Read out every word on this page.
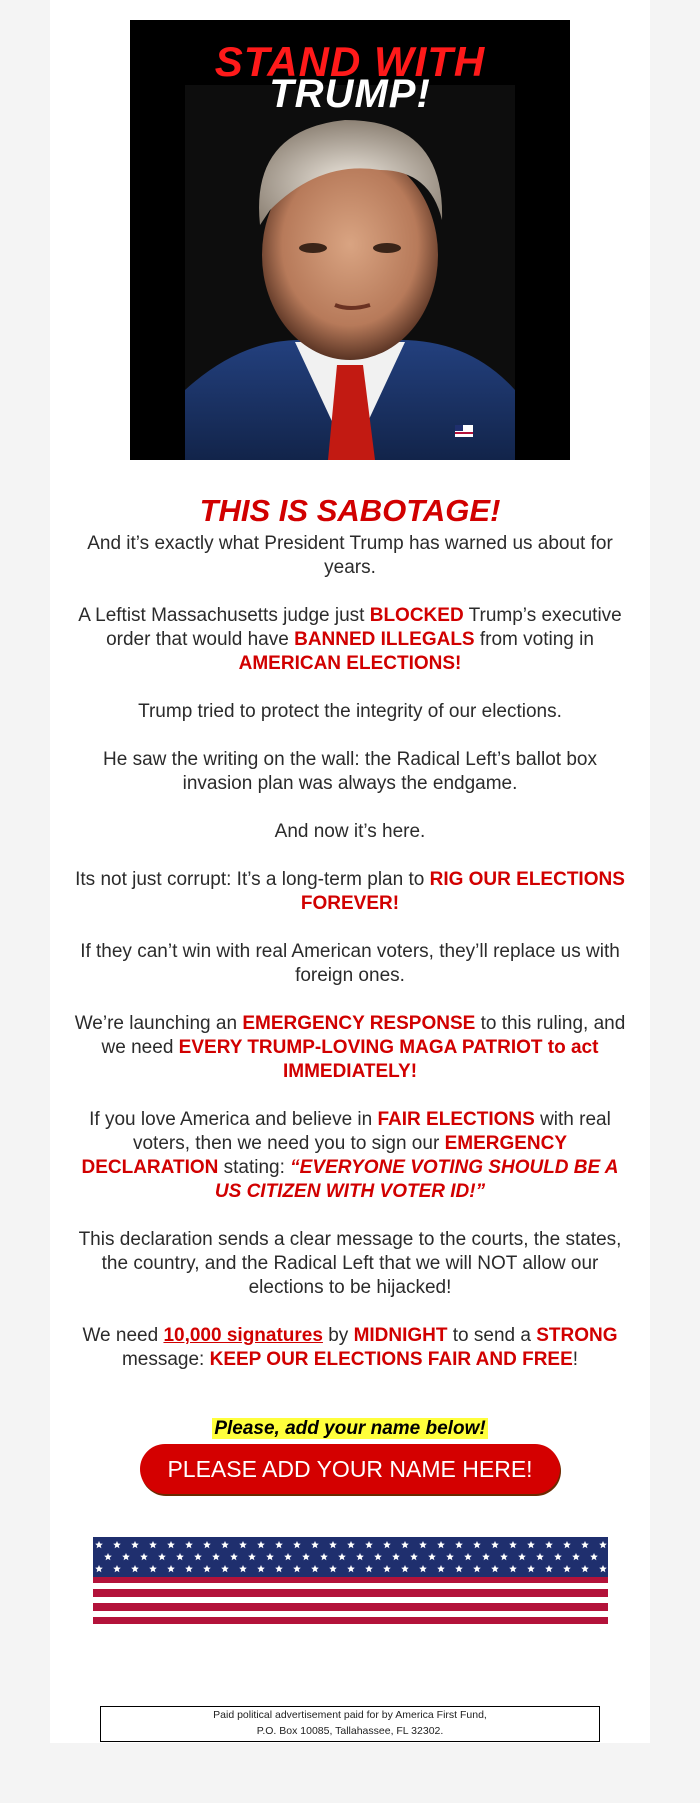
STAND WITH
TRUMP!
THIS IS SABOTAGE!

And it’s exactly what President Trump has warned us about for years.

A Leftist Massachusetts judge just BLOCKED Trump’s executive order that would have BANNED ILLEGALS from voting in AMERICAN ELECTIONS!

Trump tried to protect the integrity of our elections.

He saw the writing on the wall: the Radical Left’s ballot box invasion plan was always the endgame.

And now it’s here.

Its not just corrupt: It’s a long-term plan to RIG OUR ELECTIONS FOREVER!

If they can’t win with real American voters, they’ll replace us with foreign ones.

We’re launching an EMERGENCY RESPONSE to this ruling, and we need EVERY TRUMP-LOVING MAGA PATRIOT to act IMMEDIATELY!

If you love America and believe in FAIR ELECTIONS with real voters, then we need you to sign our EMERGENCY DECLARATION stating: “EVERYONE VOTING SHOULD BE A US CITIZEN WITH VOTER ID!”

This declaration sends a clear message to the courts, the states, the country, and the Radical Left that we will NOT allow our elections to be hijacked!

We need 10,000 signatures by MIDNIGHT to send a STRONG message: KEEP OUR ELECTIONS FAIR AND FREE!

Please, add your name below!
PLEASE ADD YOUR NAME HERE!
Paid political advertisement paid for by America First Fund,
P.O. Box 10085, Tallahassee, FL 32302.
